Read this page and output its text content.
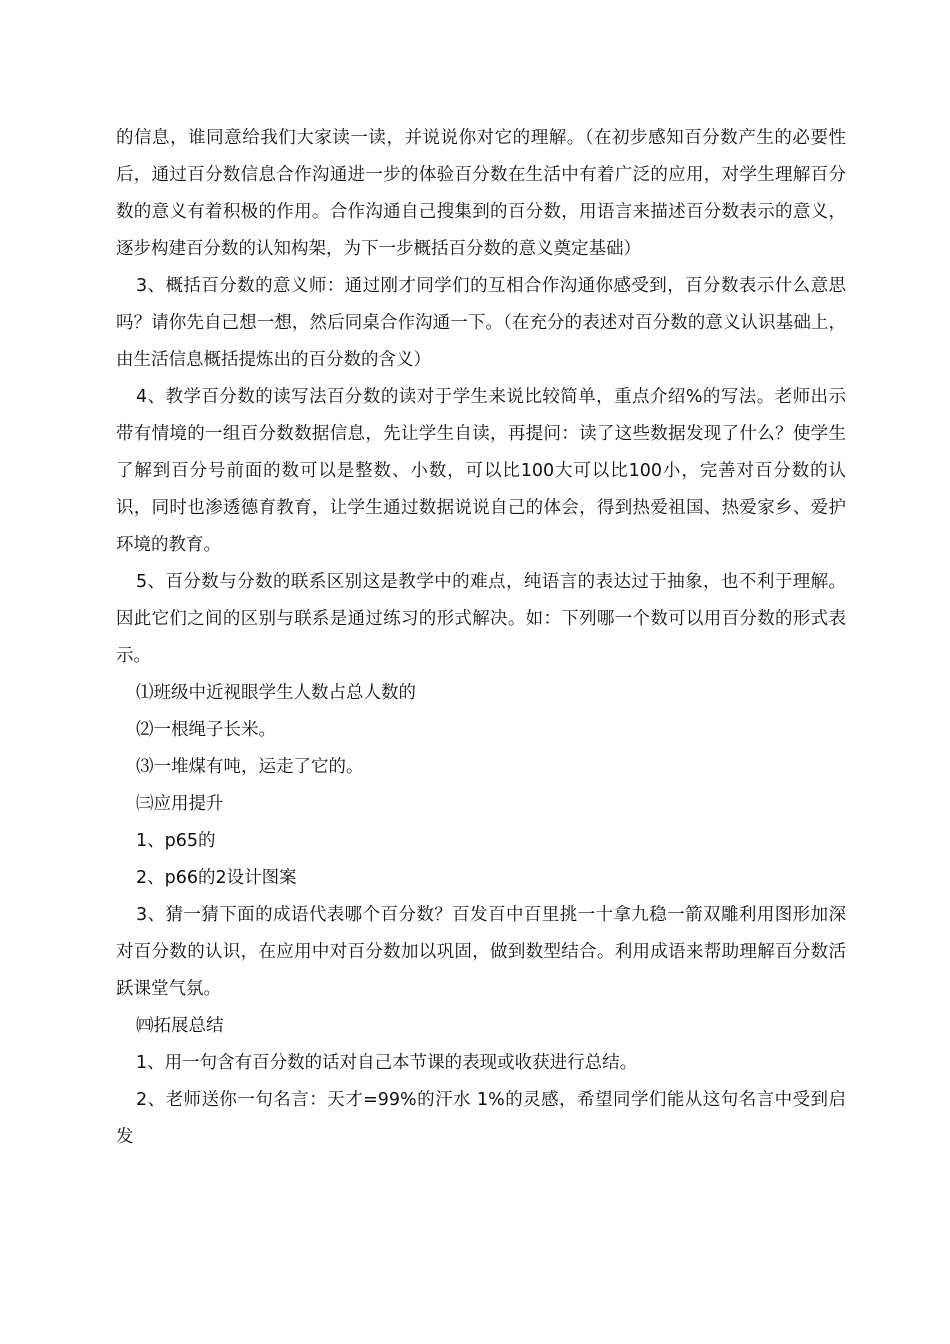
的信息，谁同意给我们大家读一读，并说说你对它的理解。（在初步感知百分数产生的必要性后，通过百分数信息合作沟通进一步的体验百分数在生活中有着广泛的应用，对学生理解百分数的意义有着积极的作用。合作沟通自己搜集到的百分数，用语言来描述百分数表示的意义，逐步构建百分数的认知构架，为下一步概括百分数的意义奠定基础）

3、概括百分数的意义师：通过刚才同学们的互相合作沟通你感受到，百分数表示什么意思吗？请你先自己想一想，然后同桌合作沟通一下。（在充分的表述对百分数的意义认识基础上，由生活信息概括提炼出的百分数的含义）

4、教学百分数的读写法百分数的读对于学生来说比较简单，重点介绍%的写法。老师出示带有情境的一组百分数数据信息，先让学生自读，再提问：读了这些数据发现了什么？使学生了解到百分号前面的数可以是整数、小数，可以比100大可以比100小，完善对百分数的认识，同时也渗透德育教育，让学生通过数据说说自己的体会，得到热爱祖国、热爱家乡、爱护环境的教育。

5、百分数与分数的联系区别这是教学中的难点，纯语言的表达过于抽象，也不利于理解。因此它们之间的区别与联系是通过练习的形式解决。如：下列哪一个数可以用百分数的形式表示。

⑴班级中近视眼学生人数占总人数的

⑵一根绳子长米。

⑶一堆煤有吨，运走了它的。

㈢应用提升

1、p65的

2、p66的2设计图案

3、猜一猜下面的成语代表哪个百分数？百发百中百里挑一十拿九稳一箭双雕利用图形加深对百分数的认识，在应用中对百分数加以巩固，做到数型结合。利用成语来帮助理解百分数活跃课堂气氛。

㈣拓展总结

1、用一句含有百分数的话对自己本节课的表现或收获进行总结。

2、老师送你一句名言：天才=99%的汗水 1%的灵感，希望同学们能从这句名言中受到启发
